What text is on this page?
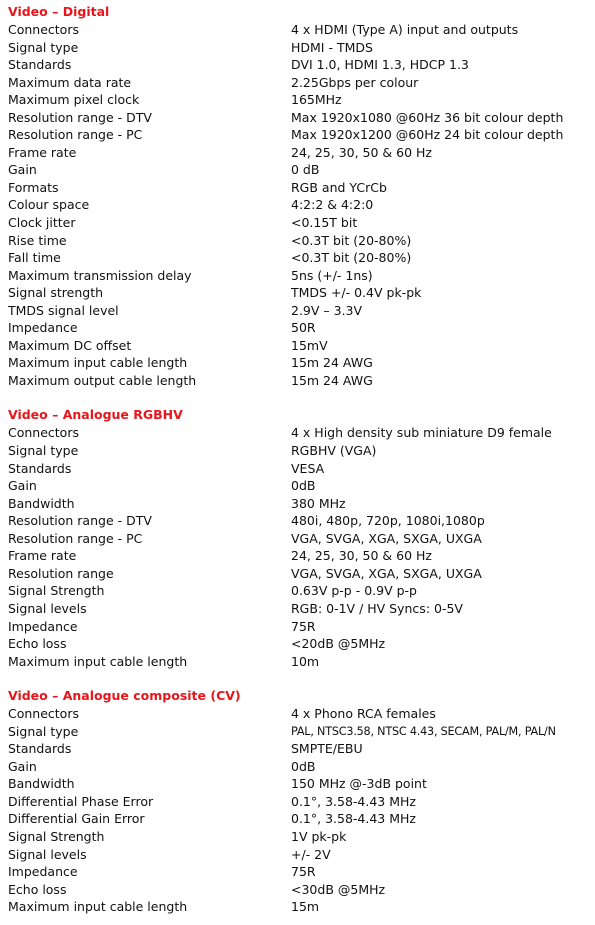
Video – Digital
Connectors	4 x HDMI (Type A) input and outputs
Signal type	HDMI - TMDS
Standards	DVI 1.0, HDMI 1.3, HDCP 1.3
Maximum data rate	2.25Gbps per colour
Maximum pixel clock	165MHz
Resolution range - DTV	Max 1920x1080 @60Hz 36 bit colour depth
Resolution range - PC	Max 1920x1200 @60Hz 24 bit colour depth
Frame rate	24, 25, 30, 50 & 60 Hz
Gain	0 dB
Formats	RGB and YCrCb
Colour space	4:2:2 & 4:2:0
Clock jitter	<0.15T bit
Rise time	<0.3T bit (20-80%)
Fall time	<0.3T bit (20-80%)
Maximum transmission delay	5ns (+/- 1ns)
Signal strength	TMDS +/- 0.4V pk-pk
TMDS signal level	2.9V – 3.3V
Impedance	50R
Maximum DC offset	15mV
Maximum input cable length	15m 24 AWG
Maximum output cable length	15m 24 AWG
Video – Analogue RGBHV
Connectors	4 x High density sub miniature D9 female
Signal type	RGBHV (VGA)
Standards	VESA
Gain	0dB
Bandwidth	380 MHz
Resolution range - DTV	480i, 480p, 720p, 1080i,1080p
Resolution range - PC	VGA, SVGA, XGA, SXGA, UXGA
Frame rate	24, 25, 30, 50 & 60 Hz
Resolution range	VGA, SVGA, XGA, SXGA, UXGA
Signal Strength	0.63V p-p - 0.9V p-p
Signal levels	RGB: 0-1V / HV Syncs: 0-5V
Impedance	75R
Echo loss	<20dB @5MHz
Maximum input cable length	10m
Video – Analogue composite (CV)
Connectors	4 x Phono RCA females
Signal type	PAL, NTSC3.58, NTSC 4.43, SECAM, PAL/M, PAL/N
Standards	SMPTE/EBU
Gain	0dB
Bandwidth	150 MHz @-3dB point
Differential Phase Error	0.1°, 3.58-4.43 MHz
Differential Gain Error	0.1°, 3.58-4.43 MHz
Signal Strength	1V pk-pk
Signal levels	+/- 2V
Impedance	75R
Echo loss	<30dB @5MHz
Maximum input cable length	15m
